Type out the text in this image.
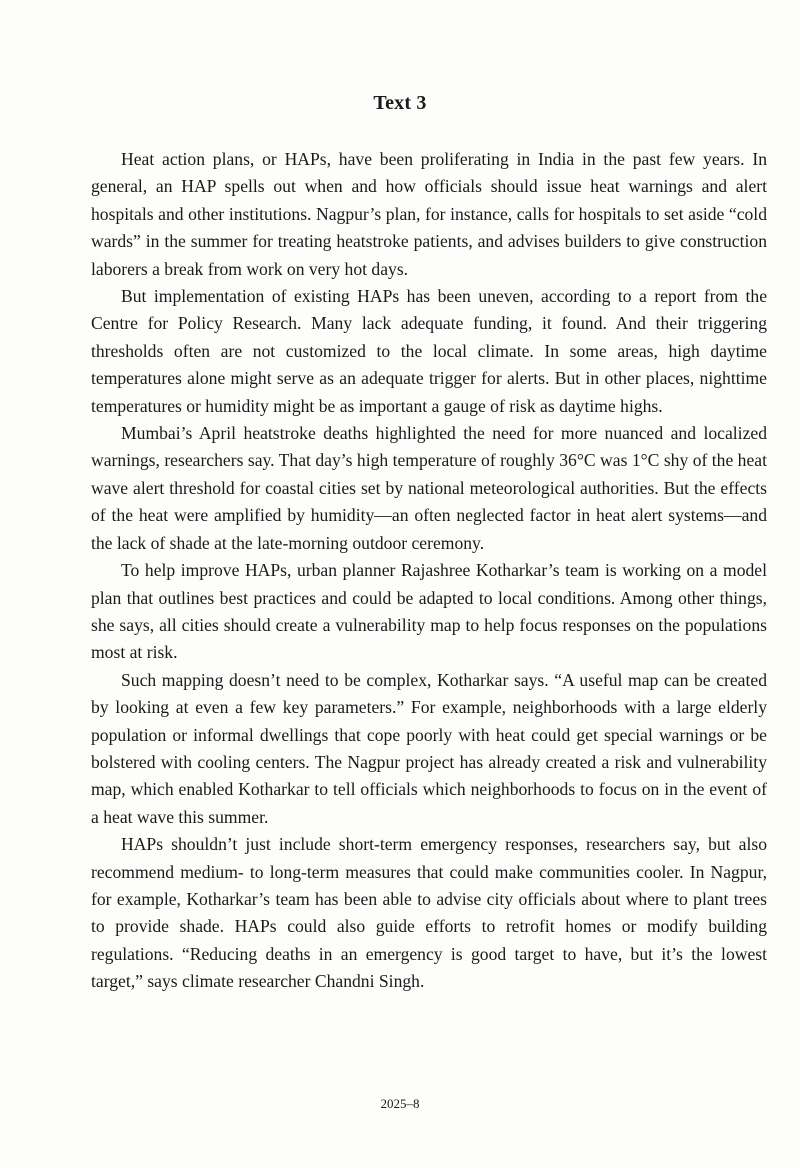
Text 3

Heat action plans, or HAPs, have been proliferating in India in the past few years. In general, an HAP spells out when and how officials should issue heat warnings and alert hospitals and other institutions. Nagpur’s plan, for instance, calls for hospitals to set aside “cold wards” in the summer for treating heatstroke patients, and advises builders to give construction laborers a break from work on very hot days.

But implementation of existing HAPs has been uneven, according to a report from the Centre for Policy Research. Many lack adequate funding, it found. And their triggering thresholds often are not customized to the local climate. In some areas, high daytime temperatures alone might serve as an adequate trigger for alerts. But in other places, nighttime temperatures or humidity might be as important a gauge of risk as daytime highs.

Mumbai’s April heatstroke deaths highlighted the need for more nuanced and localized warnings, researchers say. That day’s high temperature of roughly 36°C was 1°C shy of the heat wave alert threshold for coastal cities set by national meteorological authorities. But the effects of the heat were amplified by humidity—an often neglected factor in heat alert systems—and the lack of shade at the late-morning outdoor ceremony.

To help improve HAPs, urban planner Rajashree Kotharkar’s team is working on a model plan that outlines best practices and could be adapted to local conditions. Among other things, she says, all cities should create a vulnerability map to help focus responses on the populations most at risk.

Such mapping doesn’t need to be complex, Kotharkar says. “A useful map can be created by looking at even a few key parameters.” For example, neighborhoods with a large elderly population or informal dwellings that cope poorly with heat could get special warnings or be bolstered with cooling centers. The Nagpur project has already created a risk and vulnerability map, which enabled Kotharkar to tell officials which neighborhoods to focus on in the event of a heat wave this summer.

HAPs shouldn’t just include short-term emergency responses, researchers say, but also recommend medium- to long-term measures that could make communities cooler. In Nagpur, for example, Kotharkar’s team has been able to advise city officials about where to plant trees to provide shade. HAPs could also guide efforts to retrofit homes or modify building regulations. “Reducing deaths in an emergency is good target to have, but it’s the lowest target,” says climate researcher Chandni Singh.

2025–8
